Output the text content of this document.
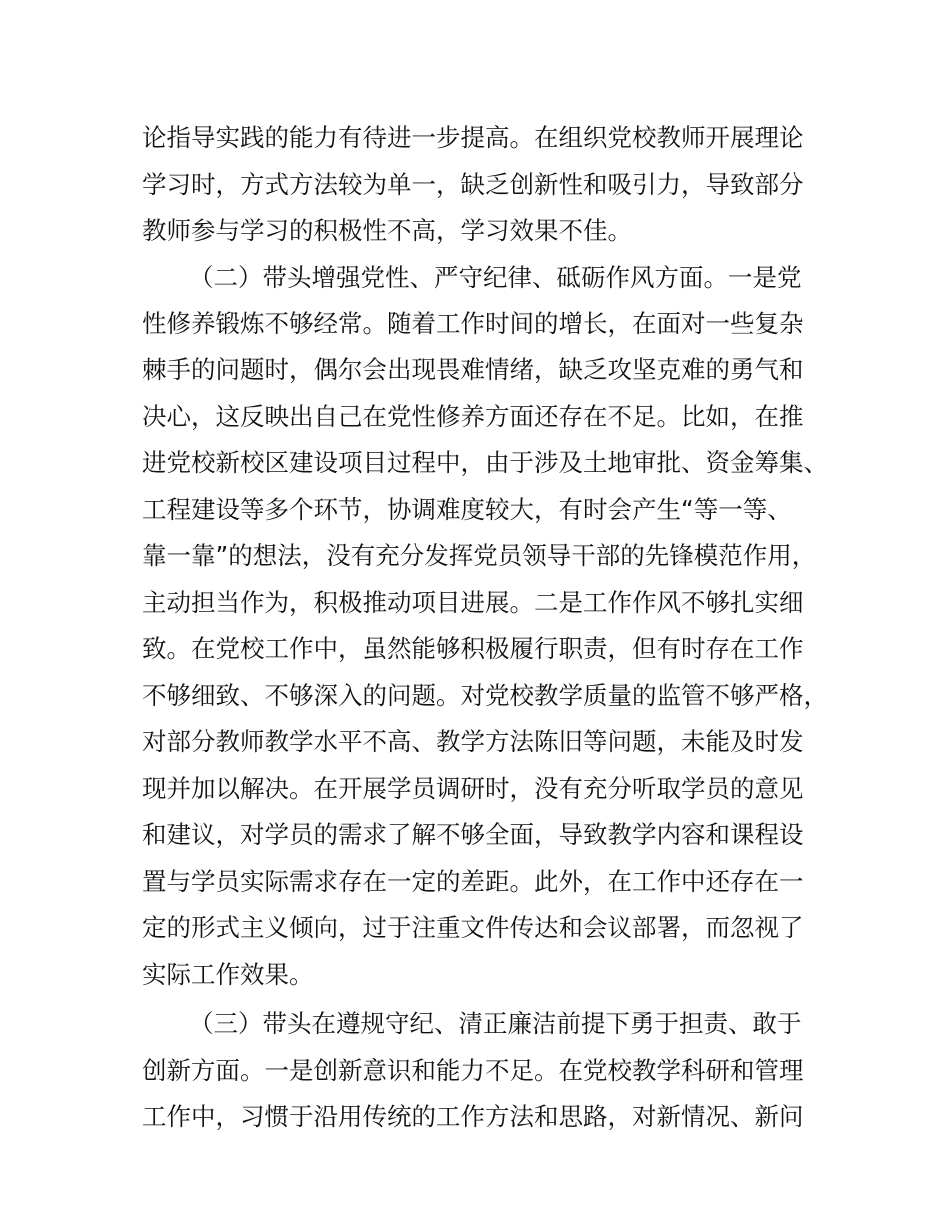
论指导实践的能力有待进一步提高。在组织党校教师开展理论
学习时，方式方法较为单一，缺乏创新性和吸引力，导致部分
教师参与学习的积极性不高，学习效果不佳。
（二）带头增强党性、严守纪律、砥砺作风方面。一是党
性修养锻炼不够经常。随着工作时间的增长，在面对一些复杂
棘手的问题时，偶尔会出现畏难情绪，缺乏攻坚克难的勇气和
决心，这反映出自己在党性修养方面还存在不足。比如，在推
进党校新校区建设项目过程中，由于涉及土地审批、资金筹集、
工程建设等多个环节，协调难度较大，有时会产生“等一等、
靠一靠”的想法，没有充分发挥党员领导干部的先锋模范作用，
主动担当作为，积极推动项目进展。二是工作作风不够扎实细
致。在党校工作中，虽然能够积极履行职责，但有时存在工作
不够细致、不够深入的问题。对党校教学质量的监管不够严格，
对部分教师教学水平不高、教学方法陈旧等问题，未能及时发
现并加以解决。在开展学员调研时，没有充分听取学员的意见
和建议，对学员的需求了解不够全面，导致教学内容和课程设
置与学员实际需求存在一定的差距。此外，在工作中还存在一
定的形式主义倾向，过于注重文件传达和会议部署，而忽视了
实际工作效果。
（三）带头在遵规守纪、清正廉洁前提下勇于担责、敢于
创新方面。一是创新意识和能力不足。在党校教学科研和管理
工作中，习惯于沿用传统的工作方法和思路，对新情况、新问
